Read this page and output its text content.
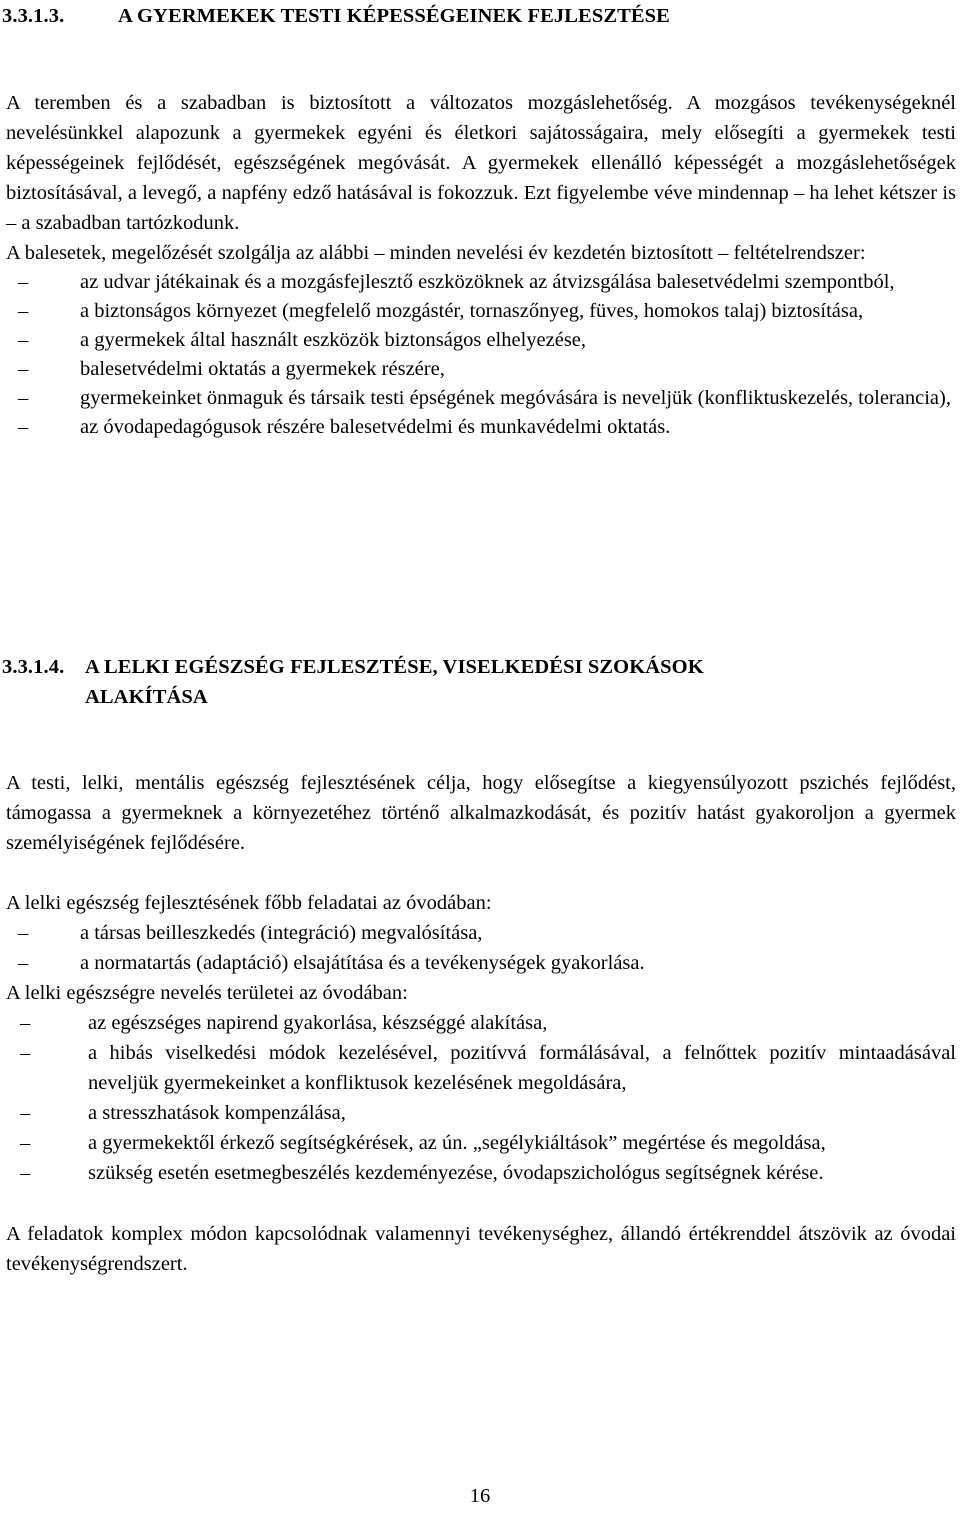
3.3.1.3.	A GYERMEKEK TESTI KÉPESSÉGEINEK FEJLESZTÉSE

A teremben és a szabadban is biztosított a változatos mozgáslehetőség. A mozgásos tevékenységeknél nevelésünkkel alapozunk a gyermekek egyéni és életkori sajátosságaira, mely elősegíti a gyermekek testi képességeinek fejlődését, egészségének megóvását. A gyermekek ellenálló képességét a mozgáslehetőségek biztosításával, a levegő, a napfény edző hatásával is fokozzuk. Ezt figyelembe véve mindennap – ha lehet kétszer is – a szabadban tartózkodunk.

A balesetek, megelőzését szolgálja az alábbi – minden nevelési év kezdetén biztosított – feltételrendszer:

–	az udvar játékainak és a mozgásfejlesztő eszközöknek az átvizsgálása balesetvédelmi szempontból,
–	a biztonságos környezet (megfelelő mozgástér, tornaszőnyeg, füves, homokos talaj) biztosítása,
–	a gyermekek által használt eszközök biztonságos elhelyezése,
–	balesetvédelmi oktatás a gyermekek részére,
–	gyermekeinket önmaguk és társaik testi épségének megóvására is neveljük (konfliktuskezelés, tolerancia),
–	az óvodapedagógusok részére balesetvédelmi és munkavédelmi oktatás.
3.3.1.4. A LELKI EGÉSZSÉG FEJLESZTÉSE, VISELKEDÉSI SZOKÁSOK
ALAKÍTÁSA

A testi, lelki, mentális egészség fejlesztésének célja, hogy elősegítse a kiegyensúlyozott pszichés fejlődést, támogassa a gyermeknek a környezetéhez történő alkalmazkodását, és pozitív hatást gyakoroljon a gyermek személyiségének fejlődésére.

A lelki egészség fejlesztésének főbb feladatai az óvodában:

–	a társas beilleszkedés (integráció) megvalósítása,
–	a normatartás (adaptáció) elsajátítása és a tevékenységek gyakorlása.

A lelki egészségre nevelés területei az óvodában:

–	az egészséges napirend gyakorlása, készséggé alakítása,
–	a hibás viselkedési módok kezelésével, pozitívvá formálásával, a felnőttek pozitív mintaadásával neveljük gyermekeinket a konfliktusok kezelésének megoldására,
–	a stresszhatások kompenzálása,
–	a gyermekektől érkező segítségkérések, az ún. „segélykiáltások” megértése és megoldása,
–	szükség esetén esetmegbeszélés kezdeményezése, óvodapszichológus segítségnek kérése.

A feladatok komplex módon kapcsolódnak valamennyi tevékenységhez, állandó értékrenddel átszövik az óvodai tevékenységrendszert.

16
